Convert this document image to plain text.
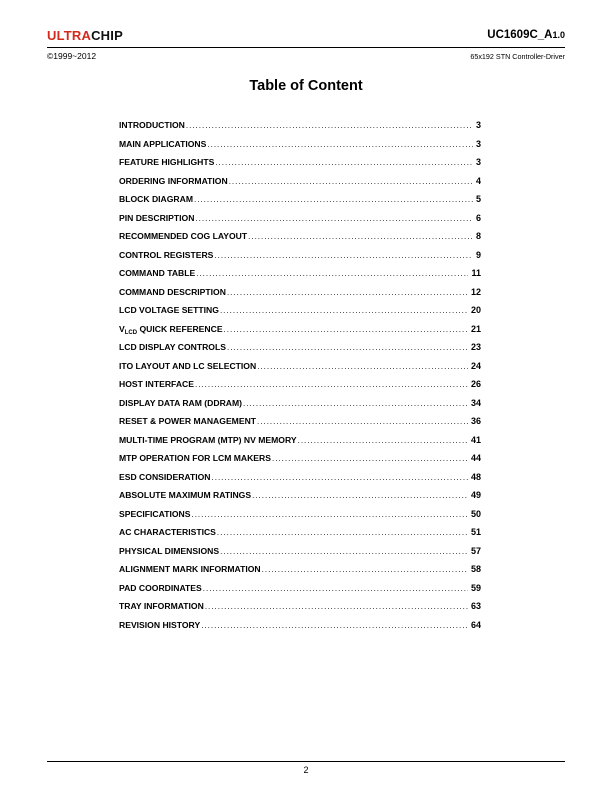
ULTRACHIP	UC1609C_A1.0
©1999~2012	65x192 STN Controller-Driver
Table of Content
INTRODUCTION .....	3
MAIN APPLICATIONS .....	3
FEATURE HIGHLIGHTS .....	3
ORDERING INFORMATION .....	4
BLOCK DIAGRAM .....	5
PIN DESCRIPTION .....	6
RECOMMENDED COG LAYOUT .....	8
CONTROL REGISTERS .....	9
COMMAND TABLE .....	11
COMMAND DESCRIPTION .....	12
LCD VOLTAGE SETTING .....	20
$V_{LCD}$ QUICK REFERENCE .....	21
LCD DISPLAY CONTROLS .....	23
ITO LAYOUT AND LC SELECTION .....	24
HOST INTERFACE .....	26
DISPLAY DATA RAM (DDRAM) .....	34
RESET & POWER MANAGEMENT .....	36
MULTI-TIME PROGRAM (MTP) NV MEMORY .....	41
MTP OPERATION FOR LCM MAKERS .....	44
ESD CONSIDERATION .....	48
ABSOLUTE MAXIMUM RATINGS .....	49
SPECIFICATIONS .....	50
AC CHARACTERISTICS .....	51
PHYSICAL DIMENSIONS .....	57
ALIGNMENT MARK INFORMATION .....	58
PAD COORDINATES .....	59
TRAY INFORMATION .....	63
REVISION HISTORY .....	64
2
